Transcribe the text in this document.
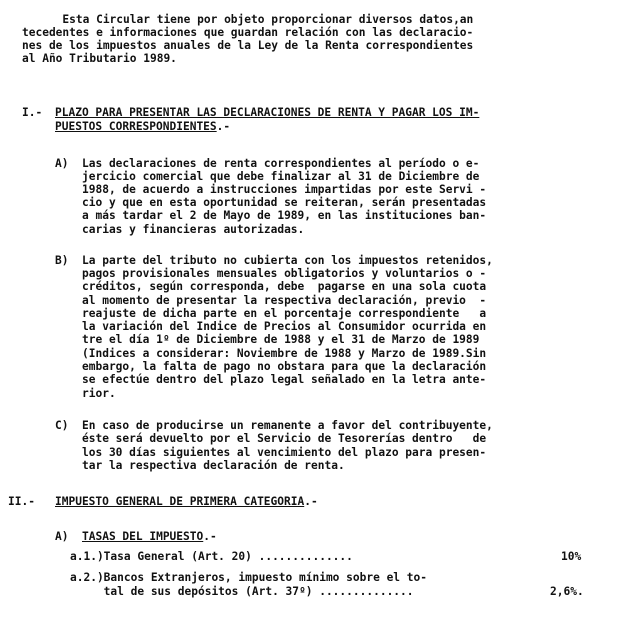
Esta Circular tiene por objeto proporcionar diversos datos,an
tecedentes e informaciones que guardan relación con las declaracio-
nes de los impuestos anuales de la Ley de la Renta correspondientes
al Año Tributario 1989.
I.- PLAZO PARA PRESENTAR LAS DECLARACIONES DE RENTA Y PAGAR LOS IM-
PUESTOS CORRESPONDIENTES.-
A) Las declaraciones de renta correspondientes al período o e-
jercicio comercial que debe finalizar al 31 de Diciembre de
1988, de acuerdo a instrucciones impartidas por este Servi -
cio y que en esta oportunidad se reiteran, serán presentadas
a más tardar el 2 de Mayo de 1989, en las instituciones ban-
carias y financieras autorizadas.
B) La parte del tributo no cubierta con los impuestos retenidos,
pagos provisionales mensuales obligatorios y voluntarios o -
créditos, según corresponda, debe  pagarse en una sola cuota
al momento de presentar la respectiva declaración, previo  -
reajuste de dicha parte en el porcentaje correspondiente   a
la variación del Indice de Precios al Consumidor ocurrida en
tre el día 1º de Diciembre de 1988 y el 31 de Marzo de 1989
(Indices a considerar: Noviembre de 1988 y Marzo de 1989.Sin
embargo, la falta de pago no obstara para que la declaración
se efectúe dentro del plazo legal señalado en la letra ante-
rior.
C) En caso de producirse un remanente a favor del contribuyente,
éste será devuelto por el Servicio de Tesorerías dentro   de
los 30 días siguientes al vencimiento del plazo para presen-
tar la respectiva declaración de renta.
II.- IMPUESTO GENERAL DE PRIMERA CATEGORIA.-
A) TASAS DEL IMPUESTO.-
a.1.)Tasa General (Art. 20) ..............	10%
a.2.)Bancos Extranjeros, impuesto mínimo sobre el to-
tal de sus depósitos (Art. 37º) ..............	2,6%.
